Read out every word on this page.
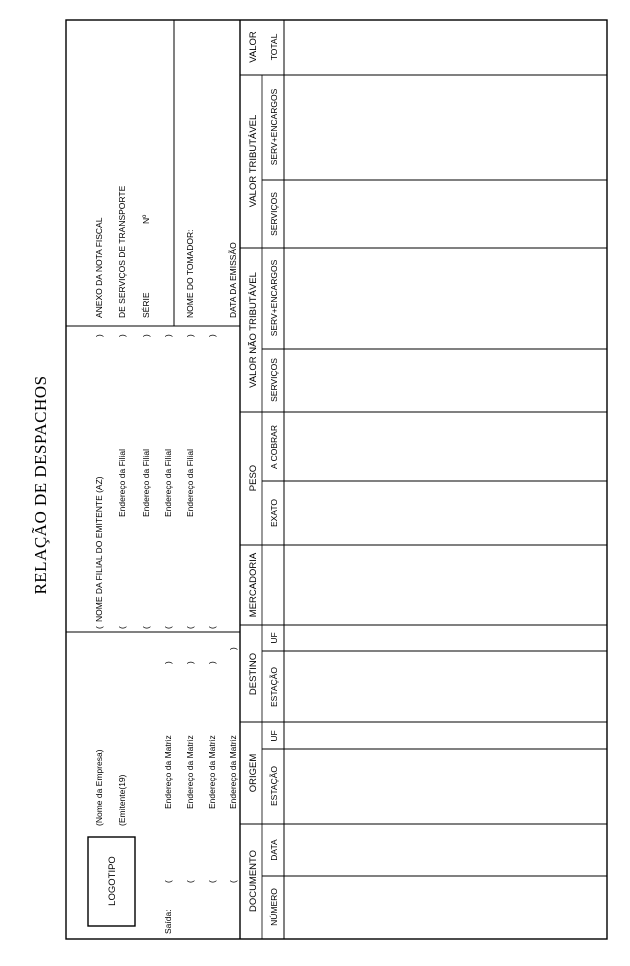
RELAÇÃO DE DESPACHOS
LOGOTIPO
(Nome da Empresa) (Emitente(19)
Saída:
( ( ( (
Endereço da Matriz Endereço da Matriz Endereço da Matriz Endereço da Matriz
) ) )
)
(
NOME DA FILIAL DO EMITENTE (AZ)
)
( ( ( ( (
Endereço da Filial Endereço da Filial Endereço da Filial Endereço da Filial
) ) ) ) )
ANEXO DA NOTA FISCAL DE SERVIÇOS DE TRANSPORTE SÉRIE
Nº
NOME DO TOMADOR:	DATA DA EMISSÃO
DOCUMENTO NÚMERO
DATA
ORIGEM ESTAÇÃO
UF
DESTINO ESTAÇÃO
UF
MERCADORIA
PESO
EXATO
A COBRAR
VALOR NÃO TRIBUTÁVEL SERVIÇOS
SERV+ENCARGOS
VALOR TRIBUTÁVEL
SERVIÇOS
SERV+ENCARGOS
VALOR TOTAL
